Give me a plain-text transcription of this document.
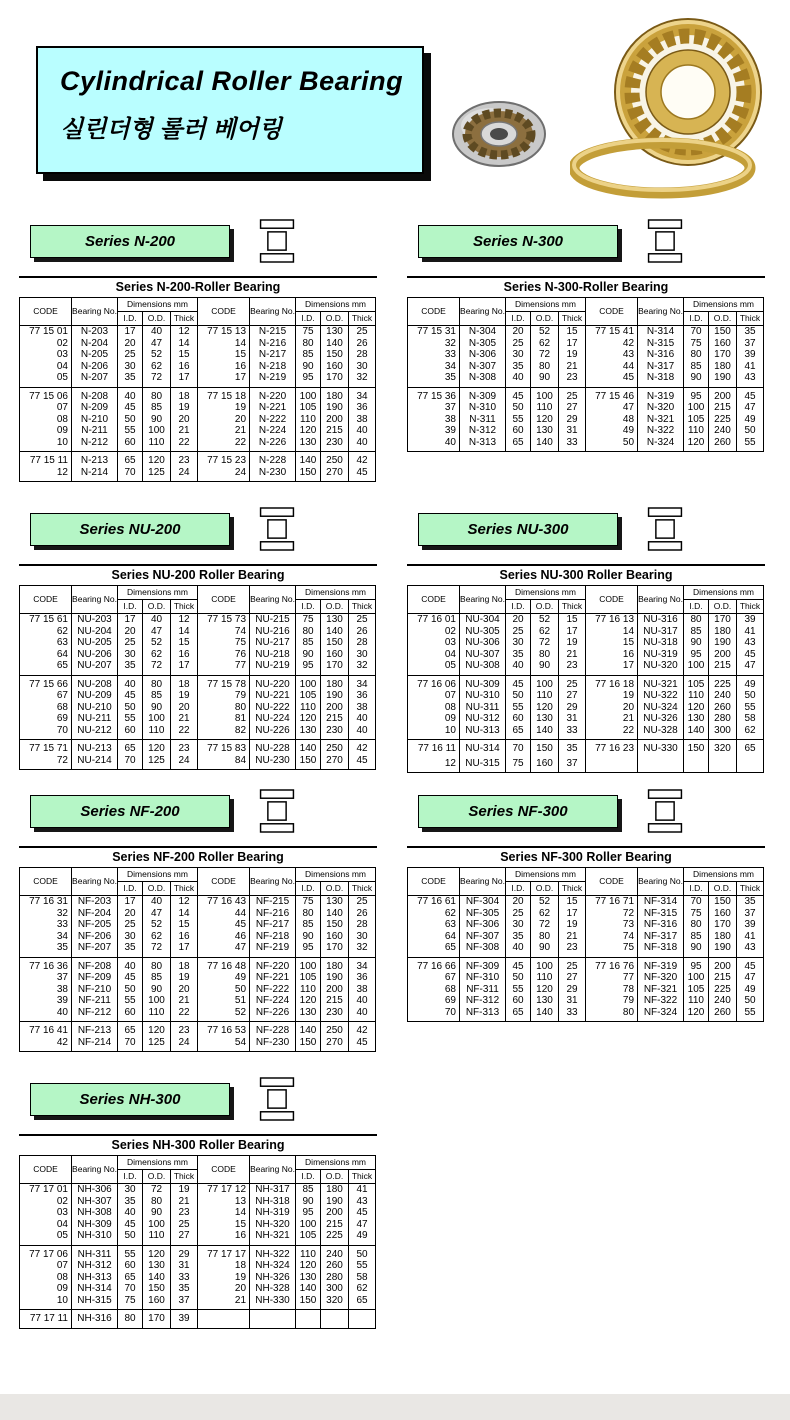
Cylindrical Roller Bearing
실린더형 롤러 베어링
Series N-200
Series N-200-Roller Bearing
CODE	Bearing No.	Dimensions mm			CODE	Bearing No.	Dimensions mm		
		I.D.	O.D.	Thick			I.D.	O.D.	Thick
77 15 01	N-203	17	40	12	77 15 13	N-215	75	130	25
02	N-204	20	47	14	14	N-216	80	140	26
03	N-205	25	52	15	15	N-217	85	150	28
04	N-206	30	62	16	16	N-218	90	160	30
05	N-207	35	72	17	17	N-219	95	170	32
77 15 06	N-208	40	80	18	77 15 18	N-220	100	180	34
07	N-209	45	85	19	19	N-221	105	190	36
08	N-210	50	90	20	20	N-222	110	200	38
09	N-211	55	100	21	21	N-224	120	215	40
10	N-212	60	110	22	22	N-226	130	230	40
77 15 11	N-213	65	120	23	77 15 23	N-228	140	250	42
12	N-214	70	125	24	24	N-230	150	270	45
Series N-300
Series N-300-Roller Bearing
CODE	Bearing No.	Dimensions mm			CODE	Bearing No.	Dimensions mm		
		I.D.	O.D.	Thick			I.D.	O.D.	Thick
77 15 31	N-304	20	52	15	77 15 41	N-314	70	150	35
32	N-305	25	62	17	42	N-315	75	160	37
33	N-306	30	72	19	43	N-316	80	170	39
34	N-307	35	80	21	44	N-317	85	180	41
35	N-308	40	90	23	45	N-318	90	190	43
77 15 36	N-309	45	100	25	77 15 46	N-319	95	200	45
37	N-310	50	110	27	47	N-320	100	215	47
38	N-311	55	120	29	48	N-321	105	225	49
39	N-312	60	130	31	49	N-322	110	240	50
40	N-313	65	140	33	50	N-324	120	260	55
Series NU-200
Series NU-200 Roller Bearing
CODE	Bearing No.	Dimensions mm			CODE	Bearing No.	Dimensions mm		
		I.D.	O.D.	Thick			I.D.	O.D.	Thick
77 15 61	NU-203	17	40	12	77 15 73	NU-215	75	130	25
62	NU-204	20	47	14	74	NU-216	80	140	26
63	NU-205	25	52	15	75	NU-217	85	150	28
64	NU-206	30	62	16	76	NU-218	90	160	30
65	NU-207	35	72	17	77	NU-219	95	170	32
77 15 66	NU-208	40	80	18	77 15 78	NU-220	100	180	34
67	NU-209	45	85	19	79	NU-221	105	190	36
68	NU-210	50	90	20	80	NU-222	110	200	38
69	NU-211	55	100	21	81	NU-224	120	215	40
70	NU-212	60	110	22	82	NU-226	130	230	40
77 15 71	NU-213	65	120	23	77 15 83	NU-228	140	250	42
72	NU-214	70	125	24	84	NU-230	150	270	45
Series NU-300
Series NU-300 Roller Bearing
CODE	Bearing No.	Dimensions mm			CODE	Bearing No.	Dimensions mm		
		I.D.	O.D.	Thick			I.D.	O.D.	Thick
77 16 01	NU-304	20	52	15	77 16 13	NU-316	80	170	39
02	NU-305	25	62	17	14	NU-317	85	180	41
03	NU-306	30	72	19	15	NU-318	90	190	43
04	NU-307	35	80	21	16	NU-319	95	200	45
05	NU-308	40	90	23	17	NU-320	100	215	47
77 16 06	NU-309	45	100	25	77 16 18	NU-321	105	225	49
07	NU-310	50	110	27	19	NU-322	110	240	50
08	NU-311	55	120	29	20	NU-324	120	260	55
09	NU-312	60	130	31	21	NU-326	130	280	58
10	NU-313	65	140	33	22	NU-328	140	300	62
77 16 11	NU-314	70	150	35	77 16 23	NU-330	150	320	65
12	NU-315	75	160	37					
Series NF-200
Series NF-200 Roller Bearing
CODE	Bearing No.	Dimensions mm			CODE	Bearing No.	Dimensions mm		
		I.D.	O.D.	Thick			I.D.	O.D.	Thick
77 16 31	NF-203	17	40	12	77 16 43	NF-215	75	130	25
32	NF-204	20	47	14	44	NF-216	80	140	26
33	NF-205	25	52	15	45	NF-217	85	150	28
34	NF-206	30	62	16	46	NF-218	90	160	30
35	NF-207	35	72	17	47	NF-219	95	170	32
77 16 36	NF-208	40	80	18	77 16 48	NF-220	100	180	34
37	NF-209	45	85	19	49	NF-221	105	190	36
38	NF-210	50	90	20	50	NF-222	110	200	38
39	NF-211	55	100	21	51	NF-224	120	215	40
40	NF-212	60	110	22	52	NF-226	130	230	40
77 16 41	NF-213	65	120	23	77 16 53	NF-228	140	250	42
42	NF-214	70	125	24	54	NF-230	150	270	45
Series NF-300
Series NF-300 Roller Bearing
CODE	Bearing No.	Dimensions mm			CODE	Bearing No.	Dimensions mm		
		I.D.	O.D.	Thick			I.D.	O.D.	Thick
77 16 61	NF-304	20	52	15	77 16 71	NF-314	70	150	35
62	NF-305	25	62	17	72	NF-315	75	160	37
63	NF-306	30	72	19	73	NF-316	80	170	39
64	NF-307	35	80	21	74	NF-317	85	180	41
65	NF-308	40	90	23	75	NF-318	90	190	43
77 16 66	NF-309	45	100	25	77 16 76	NF-319	95	200	45
67	NF-310	50	110	27	77	NF-320	100	215	47
68	NF-311	55	120	29	78	NF-321	105	225	49
69	NF-312	60	130	31	79	NF-322	110	240	50
70	NF-313	65	140	33	80	NF-324	120	260	55
Series NH-300
Series NH-300 Roller Bearing
CODE	Bearing No.	Dimensions mm			CODE	Bearing No.	Dimensions mm		
		I.D.	O.D.	Thick			I.D.	O.D.	Thick
77 17 01	NH-306	30	72	19	77 17 12	NH-317	85	180	41
02	NH-307	35	80	21	13	NH-318	90	190	43
03	NH-308	40	90	23	14	NH-319	95	200	45
04	NH-309	45	100	25	15	NH-320	100	215	47
05	NH-310	50	110	27	16	NH-321	105	225	49
77 17 06	NH-311	55	120	29	77 17 17	NH-322	110	240	50
07	NH-312	60	130	31	18	NH-324	120	260	55
08	NH-313	65	140	33	19	NH-326	130	280	58
09	NH-314	70	150	35	20	NH-328	140	300	62
10	NH-315	75	160	37	21	NH-330	150	320	65
77 17 11	NH-316	80	170	39					
